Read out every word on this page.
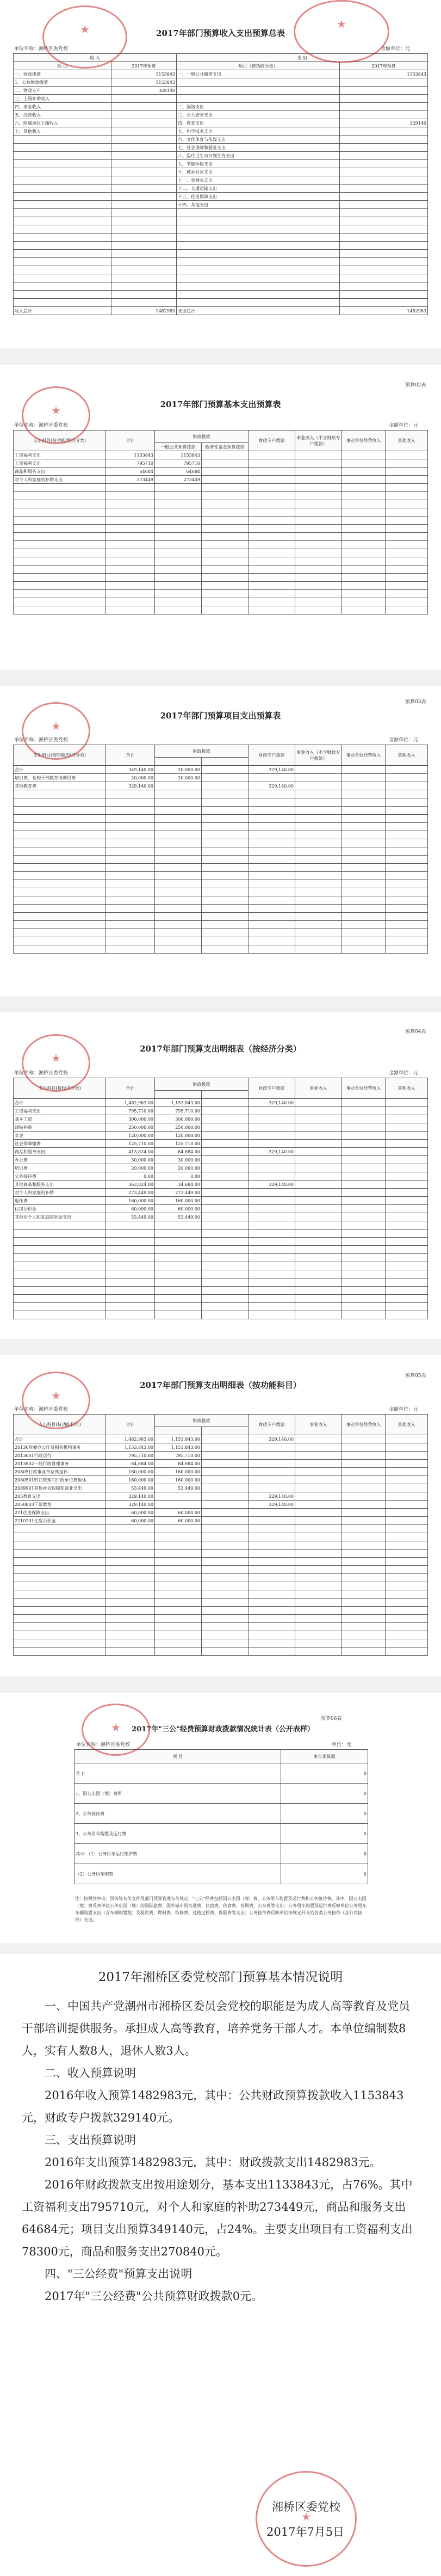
2017年部门预算收入支出预算总表
单位名称：湘桥区委党校	金额单位：元
收 入		支 出	
项 目	2017年预算	项目（按功能分类）	2017年预算
一、财政拨款	1153843	一、一般公共服务支出	1153843
1、公共财政拨款	1153843		
二、财政专户	329140		
三、上级补助收入			
四、事业收入		二、国防支出	
五、经营收入		三、公共安全支出	
六、附属单位上缴收入		四、教育支出	329140
七、其他收入		五、科学技术支出	
		六、文化体育与传媒支出	
		七、社会保障和就业支出	
		八、医疗卫生与计划生育支出	
		九、节能环保支出	
		十、城乡社区支出	
		十一、农林水支出	
		十二、交通运输支出	
		十三、住房保障支出	
		十四、其他支出	

收入总计	1482983	支出总计	1482983
★	★
预算02表
2017年部门预算基本支出预算表
单位名称：湘桥区委党校	金额单位：元
支出科目(按功能/经济分类)	合计	财政拨款		财政专户拨款	事业收入（不含财政专户拨款）	事业单位经营收入	其他收入
		一般公共预算拨款	政府性基金预算拨款				
工资福利支出	1153843	1153843					
工资福利支出	795710	795710					
商品和服务支出	64684	64684					
对个人和家庭的补助支出	273449	273449					

★
预算03表
2017年部门预算项目支出预算表
单位名称：湘桥区委党校	金额单位：元
支出科目(按功能/经济分类)	合计	财政拨款		财政专户拨款	事业收入（不含财政专户拨款）	事业单位经营收入	其他收入

合计	349,140.00	20,000.00		329,140.00			
培训费、党校干部教育培训经费	20,000.00	20,000.00					
其他教育费	329,140.00			329,140.00			

★
预算04表
2017年部门预算支出明细表（按经济分类）
单位名称：湘桥区委党校	金额单位：元
支出科目(按经济分类)	合计	财政拨款		财政专户拨款	事业收入	事业单位经营收入	其他收入

合计	1,482,983.00	1,153,843.00		329,140.00			
工资福利支出	795,710.00	795,710.00					
基本工资	300,000.00	300,000.00					
津贴补贴	250,000.00	250,000.00					
奖金	120,000.00	120,000.00					
社会保障缴费	125,710.00	125,710.00					
商品和服务支出	413,824.00	84,684.00		329,140.00			
办公费	30,000.00	30,000.00					
培训费	20,000.00	20,000.00					
公务接待费	0.00	0.00					
其他商品和服务支出	363,824.00	34,684.00		329,140.00			
对个人和家庭的补助	273,449.00	273,449.00					
退休费	160,000.00	160,000.00					
住房公积金	60,000.00	60,000.00					
其他对个人和家庭的补助支出	53,449.00	53,449.00					

★
预算05表
2017年部门预算支出明细表（按功能科目）
单位名称：湘桥区委党校	金额单位：元
支出科目(按功能科目)	合计	财政拨款		财政专户拨款	事业收入	事业单位经营收入	其他收入

合计	1,482,983.00	1,153,843.00		329,140.00			
20136党委办公厅及相关机构事务	1,153,843.00	1,153,843.00					
2013601行政运行	795,710.00	795,710.00					
2013602一般行政管理事务	84,684.00	84,684.00					
20805行政事业单位离退休	160,000.00	160,000.00					
2080501归口管理的行政单位离退休	160,000.00	160,000.00					
2089901其他社会保障和就业支出	53,449.00	53,449.00					
205教育支出	329,140.00			329,140.00			
2050803干部教育	329,140.00			329,140.00			
221住房保障支出	60,000.00	60,000.00					
2210201住房公积金	60,000.00	60,000.00					

★
预算06表
2017年"三公"经费预算财政拨款情况统计表（公开表样）
单位名称：湘桥区委党校	单位：元
项 目	本年预算数
合 计	0
1、因公出国（境）费用	0
2、公务接待费	0
3、公务用车购置及运行费	0
其中：（1）公务用车运行维护费	0
（2）公务用车购置	0
注：按照党中央、国务院有关文件及部门预算管理有关规定，"三公"经费包括因公出国（境）费、公务用车购置及运行费和公务接待费。其中，因公出国（境）费反映单位公务出国（境）的国际旅费、国外城市间交通费、住宿费、伙食费、培训费、公杂费等支出；公务用车购置及运行费反映单位公务用车车辆购置支出（含车辆购置税）及租用费、燃料费、维修费、过路过桥费、保险费等支出；公务接待费反映单位按规定开支的各类公务接待（含外宾接待）支出。
★
2017年湘桥区委党校部门预算基本情况说明

一、中国共产党潮州市湘桥区委员会党校的职能是为成人高等教育及党员干部培训提供服务。承担成人高等教育，培养党务干部人才。本单位编制数8人，实有人数8人，退休人数3人。

二、收入预算说明

2016年收入预算1482983元，其中：公共财政预算拨款收入1153843元，财政专户拨款329140元。

三、支出预算说明

2016年支出预算1482983元，其中：财政拨款支出1482983元。

2016年财政拨款支出按用途划分，基本支出1133843元，占76%。其中工资福利支出795710元，对个人和家庭的补助273449元，商品和服务支出64684元；项目支出预算349140元，占24%。主要支出项目有工资福利支出78300元，商品和服务支出270840元。

四、"三公经费"预算支出说明

2017年"三公经费"公共预算财政拨款0元。

湘桥区委党校
2017年7月5日
★
